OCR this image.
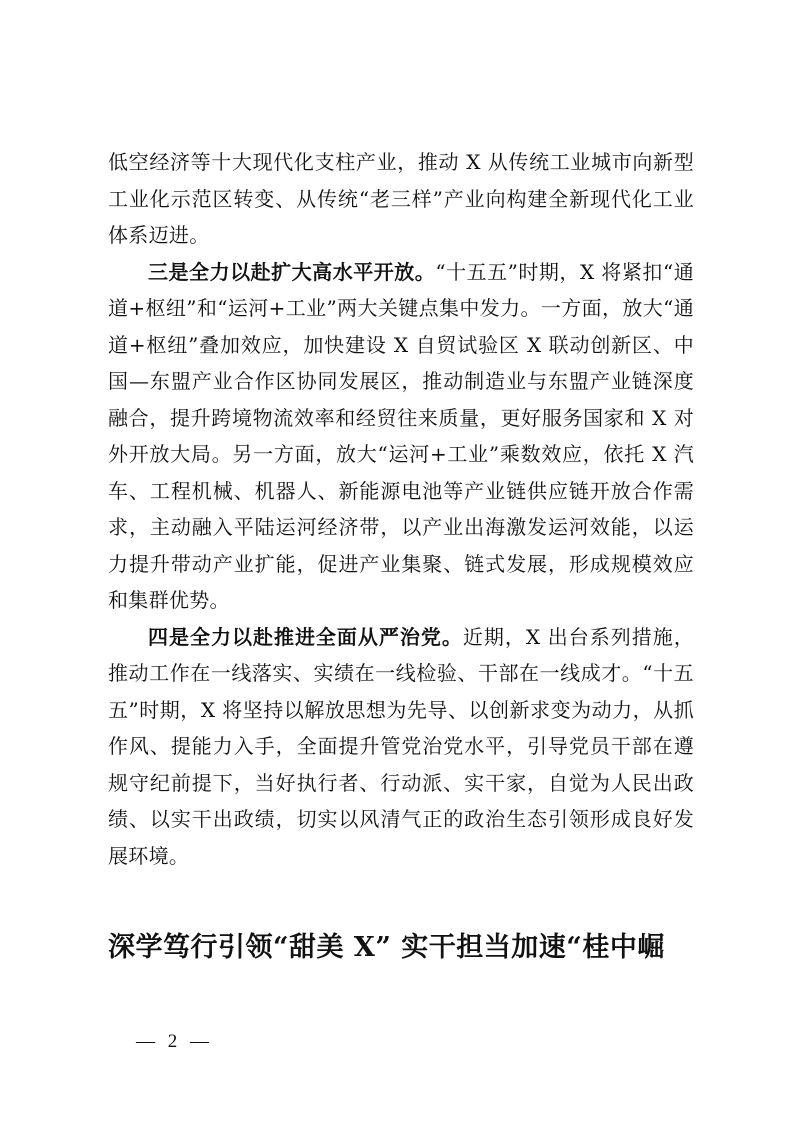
低空经济等十大现代化支柱产业，推动 X 从传统工业城市向新型工业化示范区转变、从传统“老三样”产业向构建全新现代化工业体系迈进。

三是全力以赴扩大高水平开放。“十五五”时期，X 将紧扣“通道+枢纽”和“运河+工业”两大关键点集中发力。一方面，放大“通道+枢纽”叠加效应，加快建设 X 自贸试验区 X 联动创新区、中国—东盟产业合作区协同发展区，推动制造业与东盟产业链深度融合，提升跨境物流效率和经贸往来质量，更好服务国家和 X 对外开放大局。另一方面，放大“运河+工业”乘数效应，依托 X 汽车、工程机械、机器人、新能源电池等产业链供应链开放合作需求，主动融入平陆运河经济带，以产业出海激发运河效能，以运力提升带动产业扩能，促进产业集聚、链式发展，形成规模效应和集群优势。

四是全力以赴推进全面从严治党。近期，X 出台系列措施，推动工作在一线落实、实绩在一线检验、干部在一线成才。“十五五”时期，X 将坚持以解放思想为先导、以创新求变为动力，从抓作风、提能力入手，全面提升管党治党水平，引导党员干部在遵规守纪前提下，当好执行者、行动派、实干家，自觉为人民出政绩、以实干出政绩，切实以风清气正的政治生态引领形成良好发展环境。

深学笃行引领“甜美 X” 实干担当加速“桂中崛
— 2 —
